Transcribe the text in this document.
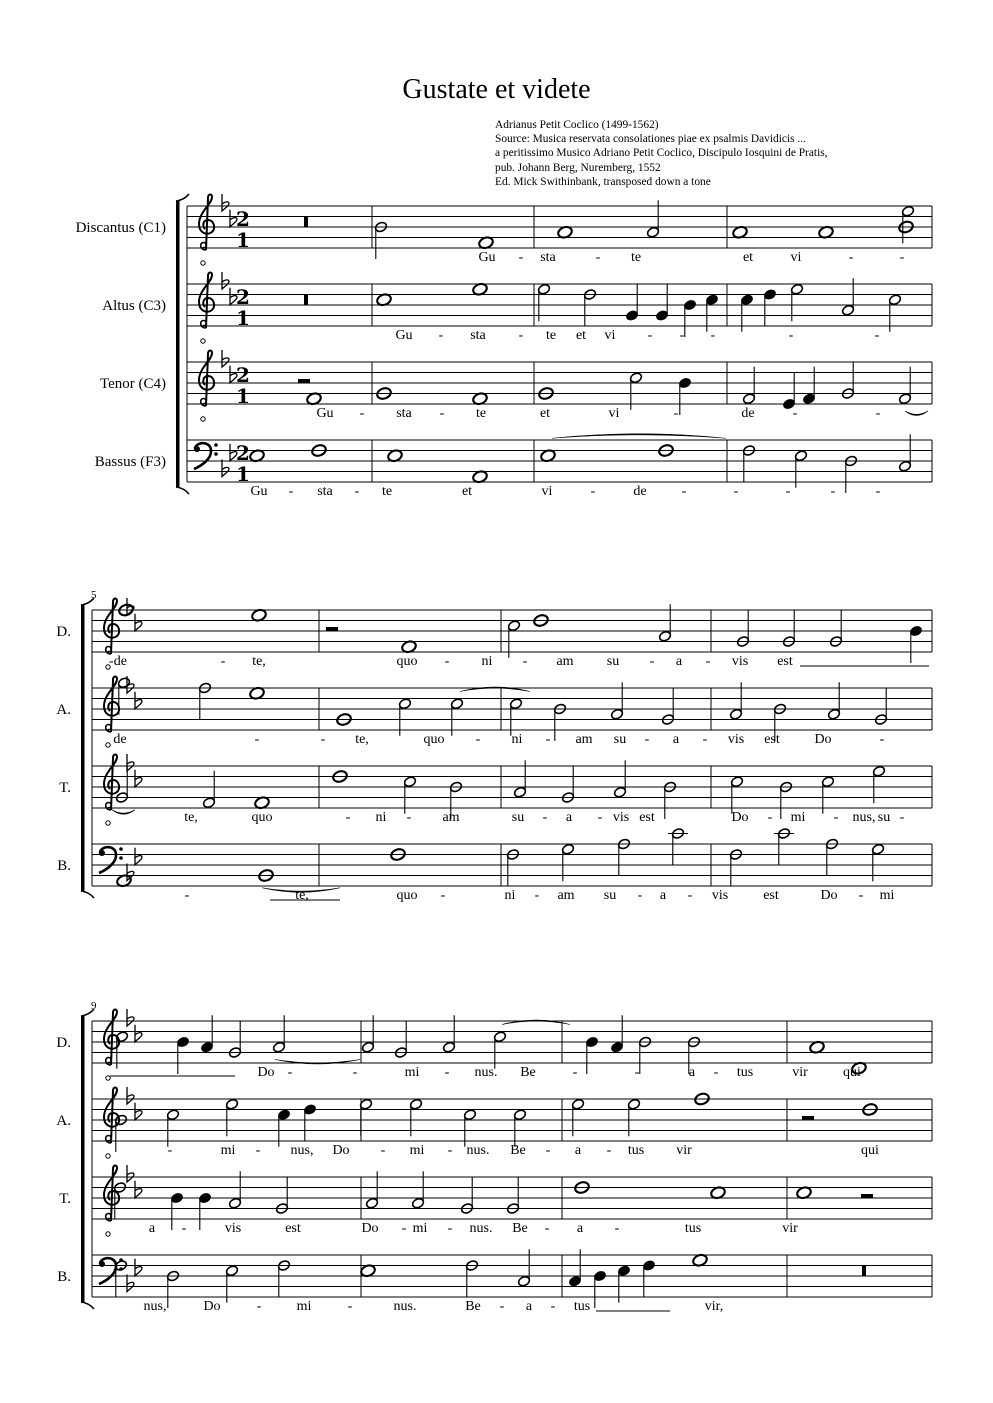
Gustate et videte
Adrianus Petit Coclico (1499-1562)
Source: Musica reservata consolationes piae ex psalmis Davidicis ...
a peritissimo Musico Adriano Petit Coclico, Discipulo Iosquini de Pratis,
pub. Johann Berg, Nuremberg, 1552
Ed. Mick Swithinbank, transposed down a tone
Discantus (C1)	2
1
Gu - sta	- te	et	vi	-	-
Altus (C3)	2
1
Gu - sta - te et vi - - -	-	-
Tenor (C4)	2
1
Gu - sta - te	et	vi	-	de	-	-
Bassus (F3)	2
1
Gu - sta - te	et	vi	-	de	-	-	-	-	-
D.
-de	- te,	quo - ni - am su - a - vis est
A.
de	-	- te,	quo - ni - am su - a - vis est Do	-
T.
te,	quo	- ni - am	su - a - vis est	Do - mi - nus, su -
B.
-	te,	quo -	ni - am su - a - vis	est	Do - mi
D.
Do -	-	mi - nus. Be	-	-	a - tus	vir	qui
A.
-	mi - nus, Do - mi - nus. Be - a - tus vir	qui
T.
a -	vis	est	Do - mi - nus. Be - a -	tus	vir
B.
nus,	Do	-	mi	-	nus.	Be - a - tus	vir,
5
9
